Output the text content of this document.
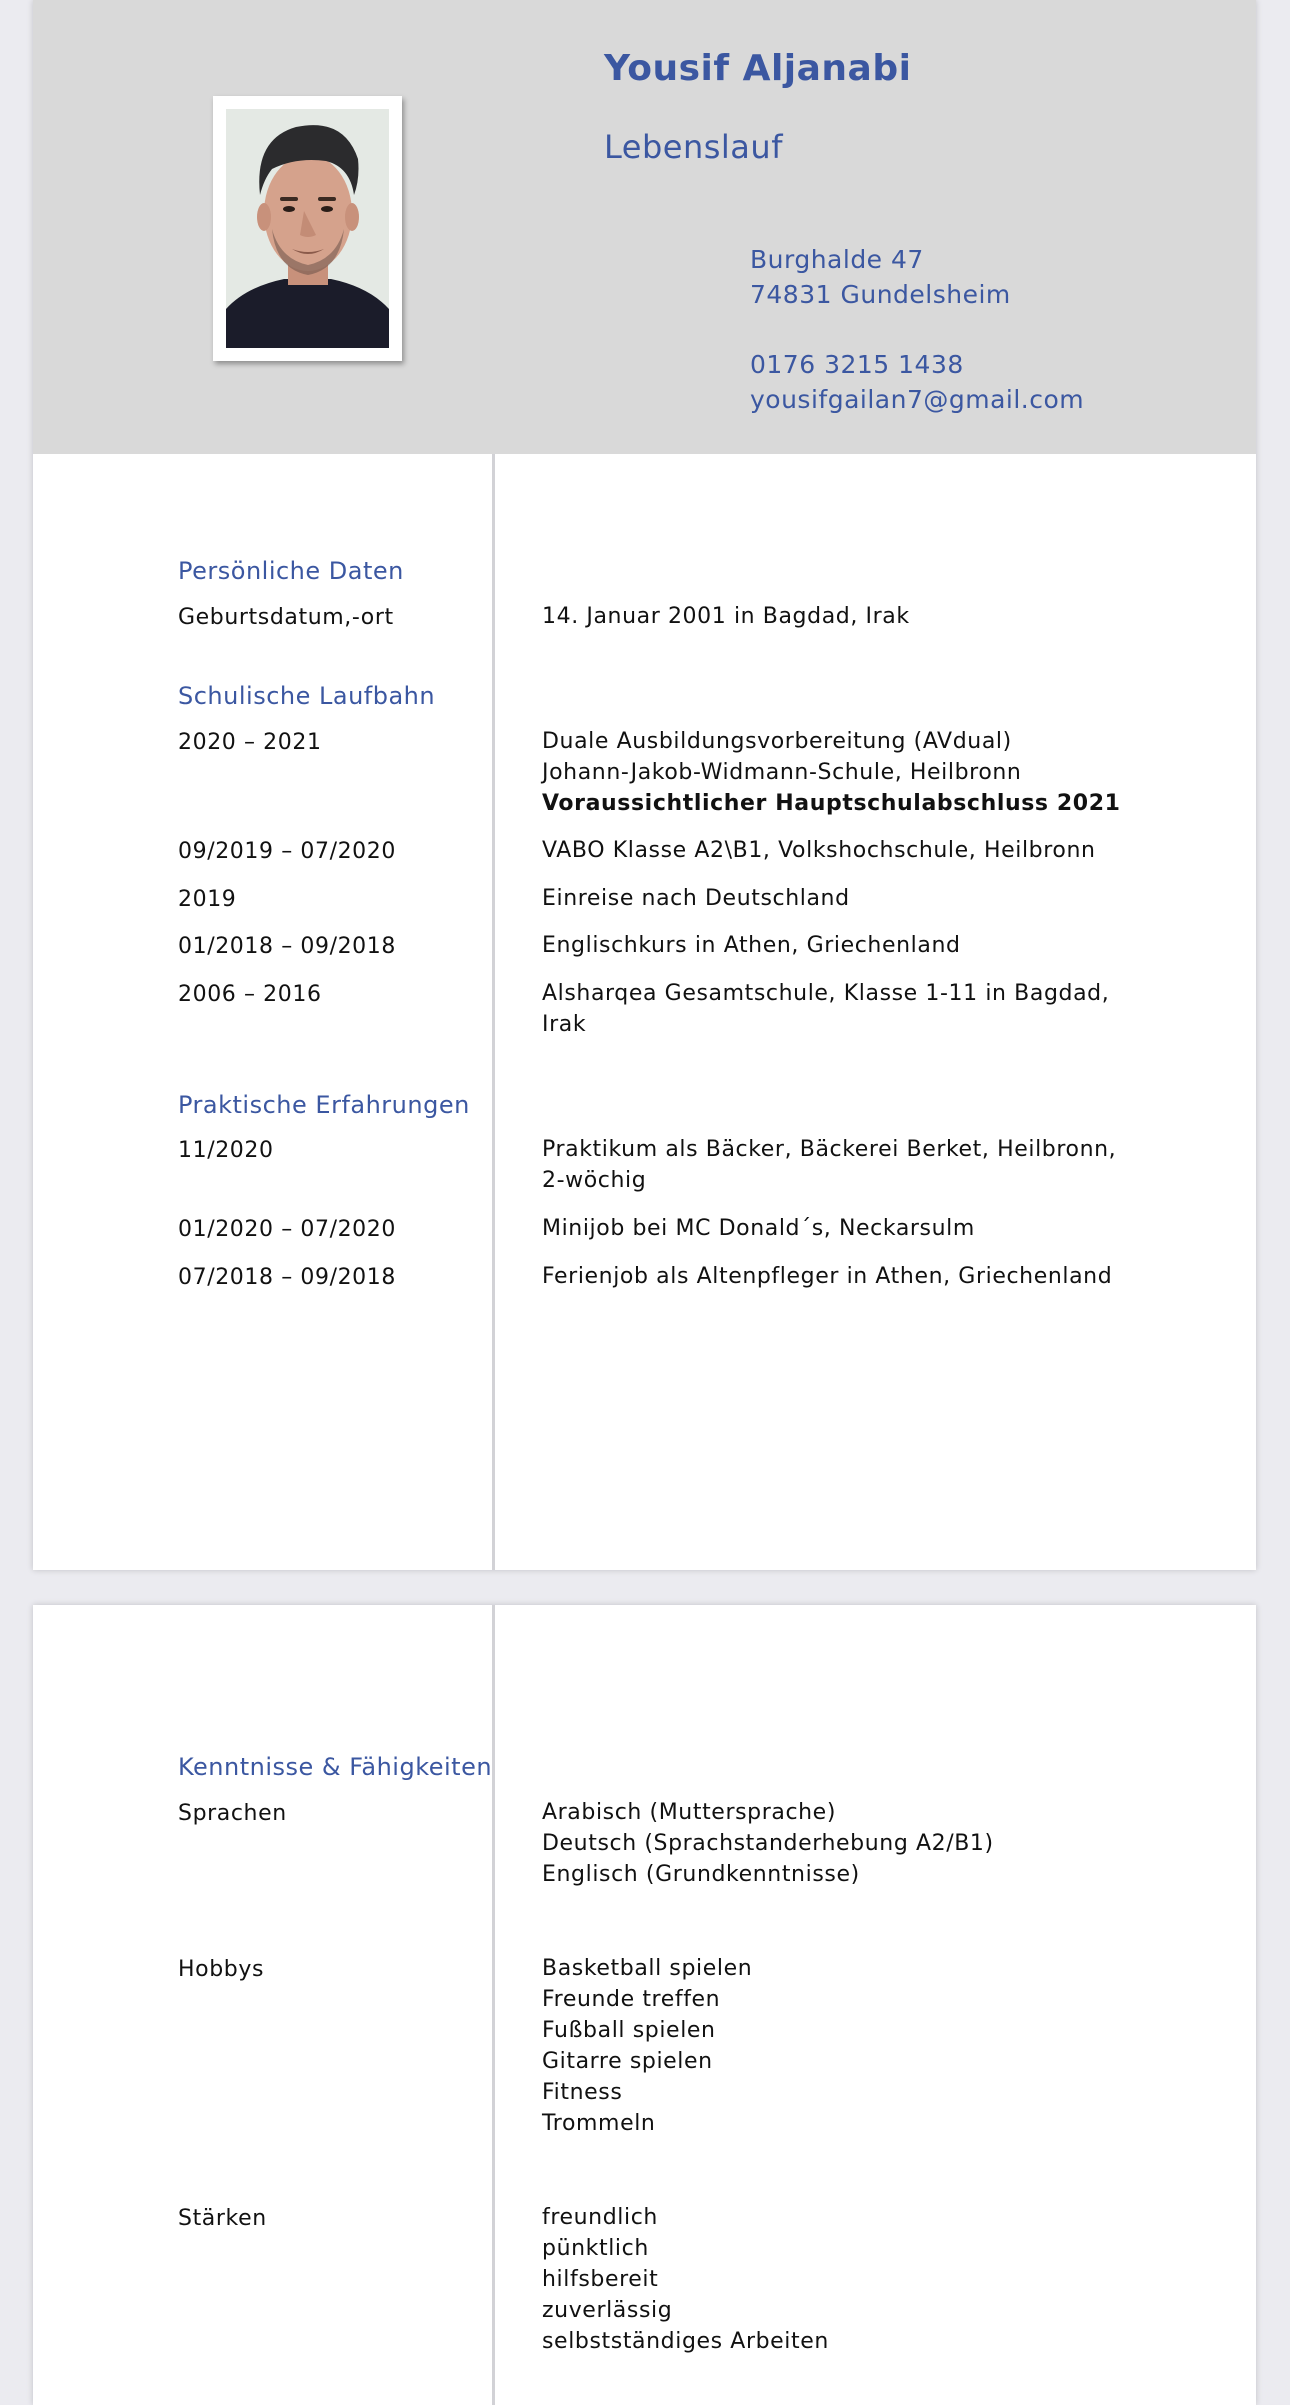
Yousif Aljanabi
Lebenslauf
Burghalde 47
74831 Gundelsheim
0176 3215 1438
yousifgailan7@gmail.com
Persönliche Daten
Geburtsdatum,-ort	14. Januar 2001 in Bagdad, Irak
Schulische Laufbahn
2020 – 2021	Duale Ausbildungsvorbereitung (AVdual)
Johann-Jakob-Widmann-Schule, Heilbronn
Voraussichtlicher Hauptschulabschluss 2021
09/2019 – 07/2020	VABO Klasse A2\B1, Volkshochschule, Heilbronn
2019	Einreise nach Deutschland
01/2018 – 09/2018	Englischkurs in Athen, Griechenland
2006 – 2016	Alsharqea Gesamtschule, Klasse 1-11 in Bagdad,
Irak
Praktische Erfahrungen
11/2020	Praktikum als Bäcker, Bäckerei Berket, Heilbronn,
2-wöchig
01/2020 – 07/2020	Minijob bei MC Donald´s, Neckarsulm
07/2018 – 09/2018	Ferienjob als Altenpfleger in Athen, Griechenland
Kenntnisse & Fähigkeiten
Sprachen	Arabisch (Muttersprache)
Deutsch (Sprachstanderhebung A2/B1)
Englisch (Grundkenntnisse)
Hobbys	Basketball spielen
Freunde treffen
Fußball spielen
Gitarre spielen
Fitness
Trommeln
Stärken	freundlich
pünktlich
hilfsbereit
zuverlässig
selbstständiges Arbeiten
